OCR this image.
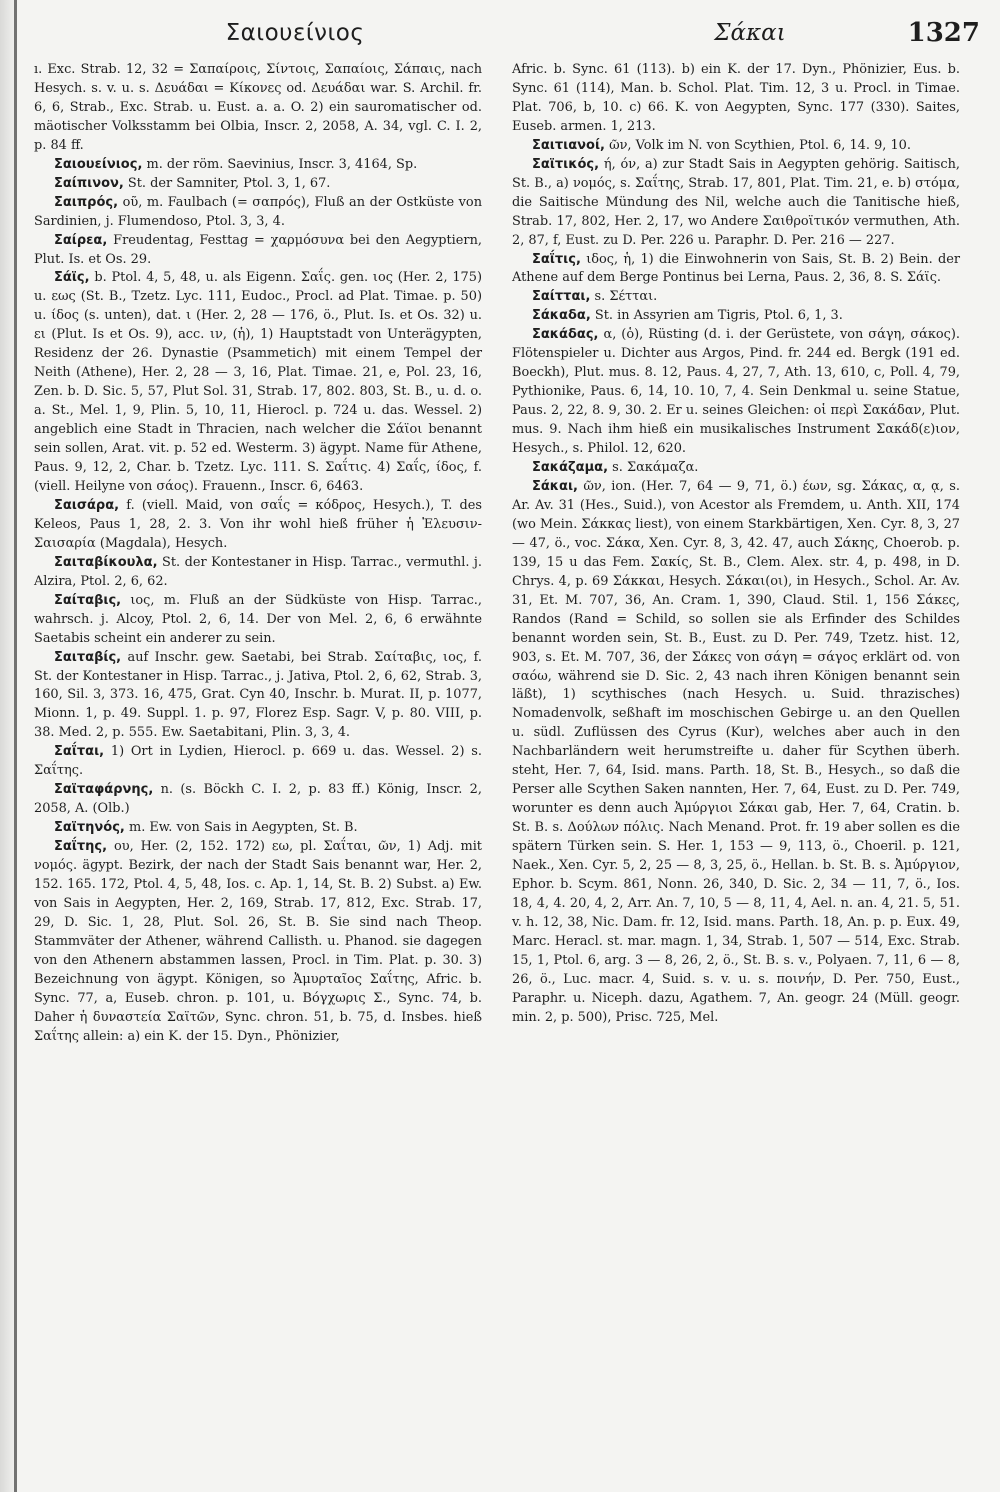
Σαιουείνιος	Σάκαι	1327

ı. Exc. Strab. 12, 32 = Σαπαίροις, Σίντοις, Σαπαίοις, Σάπαις, nach Hesych. s. v. u. s. Δευάδαι = Κίκονες od. Δευάδαι war. S. Archil. fr. 6, 6, Strab., Exc. Strab. u. Eust. a. a. O. 2) ein sauromatischer od. mäotischer Volksstamm bei Olbia, Inscr. 2, 2058, A. 34, vgl. C. I. 2, p. 84 ff.

Σαιουείνιος, m. der röm. Saevinius, Inscr. 3, 4164, Sp.

Σαίπινον, St. der Samniter, Ptol. 3, 1, 67.

Σαιπρός, οῦ, m. Faulbach (= σαπρός), Fluß an der Ostküste von Sardinien, j. Flumendoso, Ptol. 3, 3, 4.

Σαίρεα, Freudentag, Festtag = χαρμόσυνα bei den Aegyptiern, Plut. Is. et Os. 29.

Σάϊς, b. Ptol. 4, 5, 48, u. als Eigenn. Σαΐς. gen. ιος (Her. 2, 175) u. εως (St. B., Tzetz. Lyc. 111, Eudoc., Procl. ad Plat. Timae. p. 50) u. ίδος (s. unten), dat. ι (Her. 2, 28 — 176, ö., Plut. Is. et Os. 32) u. ει (Plut. Is et Os. 9), acc. ιν, (ἡ), 1) Hauptstadt von Unterägypten, Residenz der 26. Dynastie (Psammetich) mit einem Tempel der Neith (Athene), Her. 2, 28 — 3, 16, Plat. Timae. 21, e, Pol. 23, 16, Zen. b. D. Sic. 5, 57, Plut Sol. 31, Strab. 17, 802. 803, St. B., u. d. o. a. St., Mel. 1, 9, Plin. 5, 10, 11, Hierocl. p. 724 u. das. Wessel. 2) angeblich eine Stadt in Thracien, nach welcher die Σάϊοι benannt sein sollen, Arat. vit. p. 52 ed. Westerm. 3) ägypt. Name für Athene, Paus. 9, 12, 2, Char. b. Tzetz. Lyc. 111. S. Σαΐτις. 4) Σαΐς, ίδος, f. (viell. Heilyne von σάος). Frauenn., Inscr. 6, 6463.

Σαισάρα, f. (viell. Maid, von σαΐς = κόδρος, Hesych.), T. des Keleos, Paus 1, 28, 2. 3. Von ihr wohl hieß früher ἡ Ἐλευσιν-Σαισαρία (Magdala), Hesych.

Σαιταβίκουλα, St. der Kontestaner in Hisp. Tarrac., vermuthl. j. Alzira, Ptol. 2, 6, 62.

Σαίταβις, ιος, m. Fluß an der Südküste von Hisp. Tarrac., wahrsch. j. Alcoy, Ptol. 2, 6, 14. Der von Mel. 2, 6, 6 erwähnte Saetabis scheint ein anderer zu sein.

Σαιταβίς, auf Inschr. gew. Saetabi, bei Strab. Σαίταβις, ιος, f. St. der Kontestaner in Hisp. Tarrac., j. Jativa, Ptol. 2, 6, 62, Strab. 3, 160, Sil. 3, 373. 16, 475, Grat. Cyn 40, Inschr. b. Murat. II, p. 1077, Mionn. 1, p. 49. Suppl. 1. p. 97, Florez Esp. Sagr. V, p. 80. VIII, p. 38. Med. 2, p. 555. Ew. Saetabitani, Plin. 3, 3, 4.

Σαΐται, 1) Ort in Lydien, Hierocl. p. 669 u. das. Wessel. 2) s. Σαΐτης.

Σαϊταφάρνης, n. (s. Böckh C. I. 2, p. 83 ff.) König, Inscr. 2, 2058, A. (Olb.)

Σαϊτηνός, m. Ew. von Sais in Aegypten, St. B.

Σαΐτης, ου, Her. (2, 152. 172) εω, pl. Σαΐται, ῶν, 1) Adj. mit νομός. ägypt. Bezirk, der nach der Stadt Sais benannt war, Her. 2, 152. 165. 172, Ptol. 4, 5, 48, Ios. c. Ap. 1, 14, St. B. 2) Subst. a) Ew. von Sais in Aegypten, Her. 2, 169, Strab. 17, 812, Exc. Strab. 17, 29, D. Sic. 1, 28, Plut. Sol. 26, St. B. Sie sind nach Theop. Stammväter der Athener, während Callisth. u. Phanod. sie dagegen von den Athenern abstammen lassen, Procl. in Tim. Plat. p. 30. 3) Bezeichnung von ägypt. Königen, so Ἀμυρταῖος Σαΐτης, Afric. b. Sync. 77, a, Euseb. chron. p. 101, u. Βόγχωρις Σ., Sync. 74, b. Daher ἡ δυναστεία Σαϊτῶν, Sync. chron. 51, b. 75, d. Insbes. hieß Σαΐτης allein: a) ein K. der 15. Dyn., Phönizier,

Afric. b. Sync. 61 (113). b) ein K. der 17. Dyn., Phönizier, Eus. b. Sync. 61 (114), Man. b. Schol. Plat. Tim. 12, 3 u. Procl. in Timae. Plat. 706, b, 10. c) 66. K. von Aegypten, Sync. 177 (330). Saites, Euseb. armen. 1, 213.

Σαιτιανοί, ῶν, Volk im N. von Scythien, Ptol. 6, 14. 9, 10.

Σαϊτικός, ή, όν, a) zur Stadt Sais in Aegypten gehörig. Saitisch, St. B., a) νομός, s. Σαΐτης, Strab. 17, 801, Plat. Tim. 21, e. b) στόμα, die Saitische Mündung des Nil, welche auch die Tanitische hieß, Strab. 17, 802, Her. 2, 17, wo Andere Σαιθροϊτικόν vermuthen, Ath. 2, 87, f, Eust. zu D. Per. 226 u. Paraphr. D. Per. 216 — 227.

Σαΐτις, ιδος, ἡ, 1) die Einwohnerin von Sais, St. B. 2) Bein. der Athene auf dem Berge Pontinus bei Lerna, Paus. 2, 36, 8. S. Σάϊς.

Σαίτται, s. Σέτται.

Σάκαδα, St. in Assyrien am Tigris, Ptol. 6, 1, 3.

Σακάδας, α, (ὁ), Rüsting (d. i. der Gerüstete, von σάγη, σάκος). Flötenspieler u. Dichter aus Argos, Pind. fr. 244 ed. Bergk (191 ed. Boeckh), Plut. mus. 8. 12, Paus. 4, 27, 7, Ath. 13, 610, c, Poll. 4, 79, Pythionike, Paus. 6, 14, 10. 10, 7, 4. Sein Denkmal u. seine Statue, Paus. 2, 22, 8. 9, 30. 2. Er u. seines Gleichen: οἱ περὶ Σακάδαν, Plut. mus. 9. Nach ihm hieß ein musikalisches Instrument Σακάδ(ε)ιον, Hesych., s. Philol. 12, 620.

Σακάζαμα, s. Σακάμαζα.

Σάκαι, ῶν, ion. (Her. 7, 64 — 9, 71, ö.) έων, sg. Σάκας, α, ᾳ, s. Ar. Av. 31 (Hes., Suid.), von Acestor als Fremdem, u. Anth. XII, 174 (wo Mein. Σάκκας liest), von einem Starkbärtigen, Xen. Cyr. 8, 3, 27 — 47, ö., voc. Σάκα, Xen. Cyr. 8, 3, 42. 47, auch Σάκης, Choerob. p. 139, 15 u das Fem. Σακίς, St. B., Clem. Alex. str. 4, p. 498, in D. Chrys. 4, p. 69 Σάκκαι, Hesych. Σάκαι(οι), in Hesych., Schol. Ar. Av. 31, Et. M. 707, 36, An. Cram. 1, 390, Claud. Stil. 1, 156 Σάκες, Randos (Rand = Schild, so sollen sie als Erfinder des Schildes benannt worden sein, St. B., Eust. zu D. Per. 749, Tzetz. hist. 12, 903, s. Et. M. 707, 36, der Σάκες von σάγη = σάγος erklärt od. von σαόω, während sie D. Sic. 2, 43 nach ihren Königen benannt sein läßt), 1) scythisches (nach Hesych. u. Suid. thrazisches) Nomadenvolk, seßhaft im moschischen Gebirge u. an den Quellen u. südl. Zuflüssen des Cyrus (Kur), welches aber auch in den Nachbarländern weit herumstreifte u. daher für Scythen überh. steht, Her. 7, 64, Isid. mans. Parth. 18, St. B., Hesych., so daß die Perser alle Scythen Saken nannten, Her. 7, 64, Eust. zu D. Per. 749, worunter es denn auch Ἀμύργιοι Σάκαι gab, Her. 7, 64, Cratin. b. St. B. s. Δούλων πόλις. Nach Menand. Prot. fr. 19 aber sollen es die spätern Türken sein. S. Her. 1, 153 — 9, 113, ö., Choeril. p. 121, Naek., Xen. Cyr. 5, 2, 25 — 8, 3, 25, ö., Hellan. b. St. B. s. Ἀμύργιον, Ephor. b. Scym. 861, Nonn. 26, 340, D. Sic. 2, 34 — 11, 7, ö., Ios. 18, 4, 4. 20, 4, 2, Arr. An. 7, 10, 5 — 8, 11, 4, Ael. n. an. 4, 21. 5, 51. v. h. 12, 38, Nic. Dam. fr. 12, Isid. mans. Parth. 18, An. p. p. Eux. 49, Marc. Heracl. st. mar. magn. 1, 34, Strab. 1, 507 — 514, Exc. Strab. 15, 1, Ptol. 6, arg. 3 — 8, 26, 2, ö., St. B. s. v., Polyaen. 7, 11, 6 — 8, 26, ö., Luc. macr. 4, Suid. s. v. u. s. ποινήν, D. Per. 750, Eust., Paraphr. u. Niceph. dazu, Agathem. 7, An. geogr. 24 (Müll. geogr. min. 2, p. 500), Prisc. 725, Mel.
